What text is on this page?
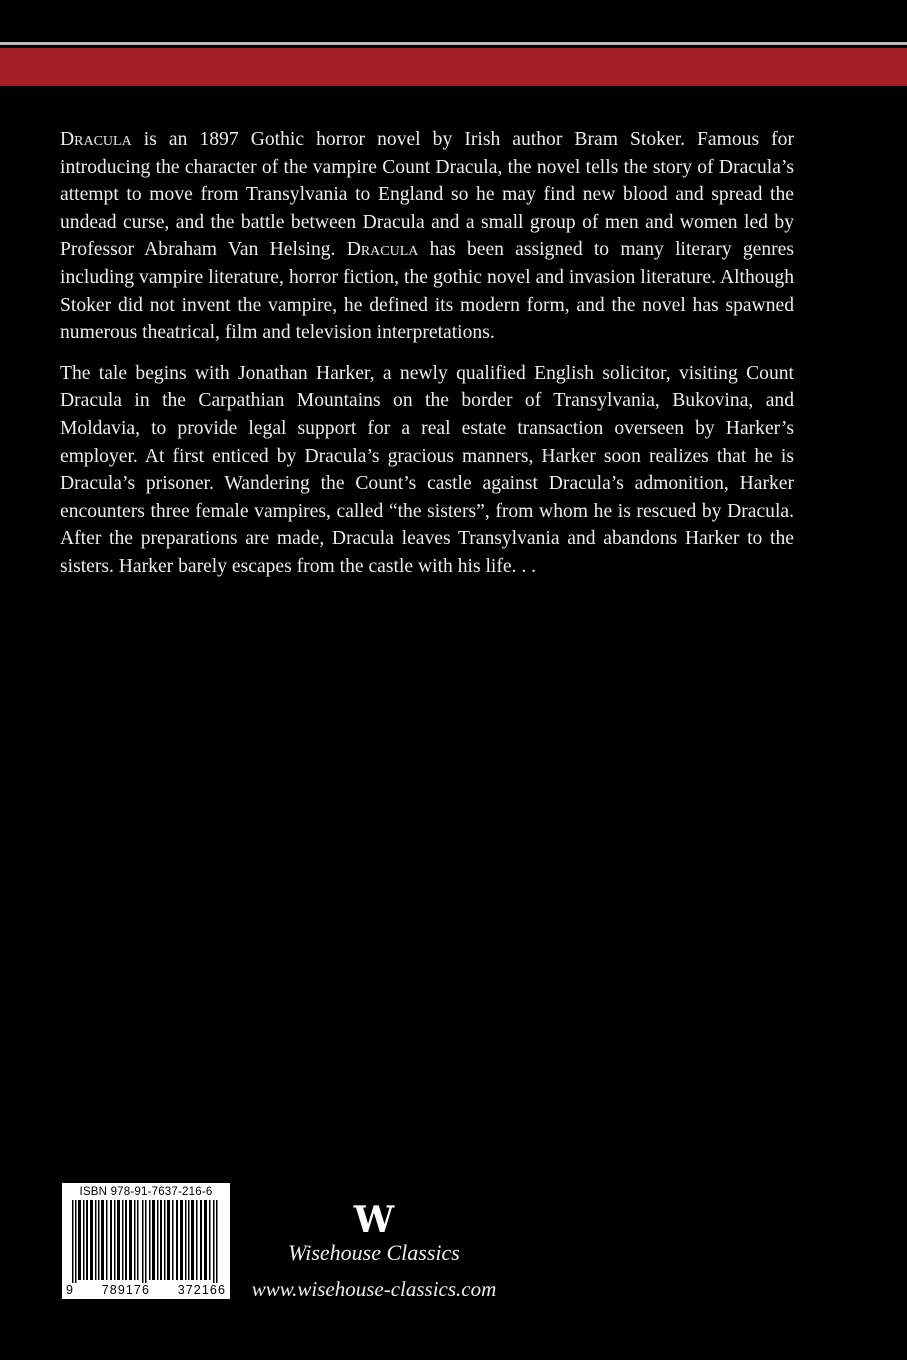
Dracula is an 1897 Gothic horror novel by Irish author Bram Stoker. Famous for introducing the character of the vampire Count Dracula, the novel tells the story of Dracula’s attempt to move from Transylvania to England so he may find new blood and spread the undead curse, and the battle between Dracula and a small group of men and women led by Professor Abraham Van Helsing. Dracula has been assigned to many literary genres including vampire literature, horror fiction, the gothic novel and invasion literature. Although Stoker did not invent the vampire, he defined its modern form, and the novel has spawned numerous theatrical, film and television interpretations.

The tale begins with Jonathan Harker, a newly qualified English solicitor, visiting Count Dracula in the Carpathian Mountains on the border of Transylvania, Bukovina, and Moldavia, to provide legal support for a real estate transaction overseen by Harker’s employer. At first enticed by Dracula’s gracious manners, Harker soon realizes that he is Dracula’s prisoner. Wandering the Count’s castle against Dracula’s admonition, Harker encounters three female vampires, called “the sisters”, from whom he is rescued by Dracula. After the preparations are made, Dracula leaves Transylvania and abandons Harker to the sisters. Harker barely escapes from the castle with his life. . .

ISBN 978-91-7637-216-6
9 789176 372166
W
Wisehouse Classics
www.wisehouse-classics.com
